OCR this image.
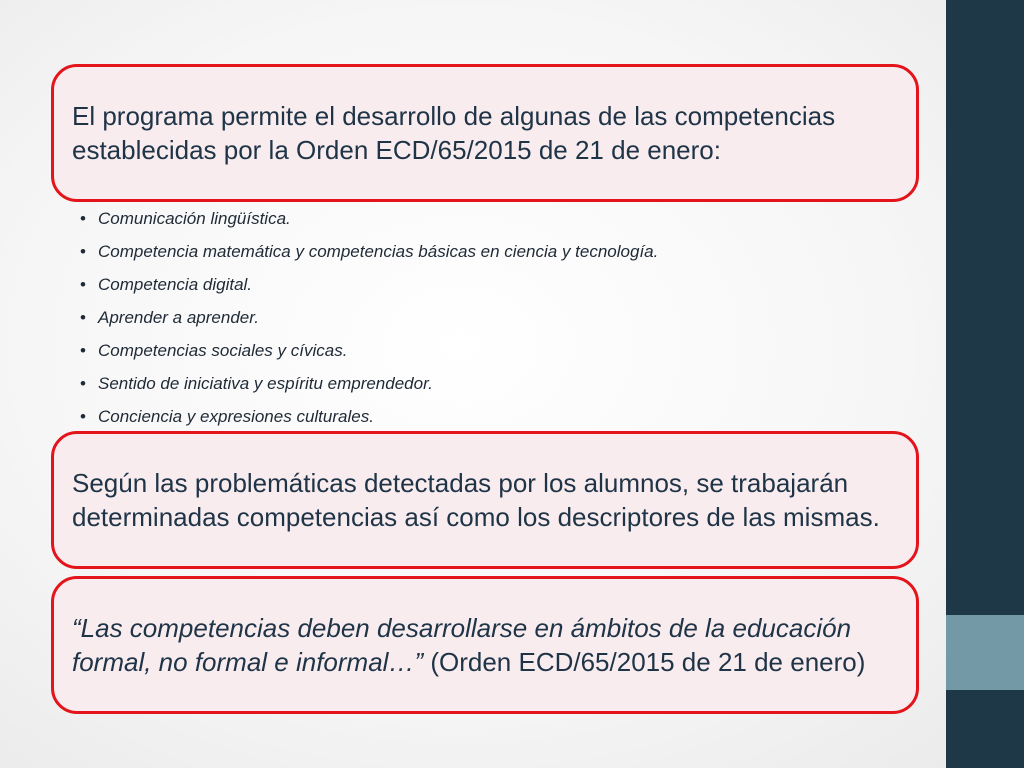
El programa permite el desarrollo de algunas de las competencias establecidas por la Orden ECD/65/2015 de 21 de enero:

• Comunicación lingüística.
• Competencia matemática y competencias básicas en ciencia y tecnología.
• Competencia digital.
• Aprender a aprender.
• Competencias sociales y cívicas.
• Sentido de iniciativa y espíritu emprendedor.
• Conciencia y expresiones culturales.

Según las problemáticas detectadas por los alumnos, se trabajarán determinadas competencias así como los descriptores de las mismas.

“Las competencias deben desarrollarse en ámbitos de la educación formal, no formal e informal…” (Orden ECD/65/2015 de 21 de enero)
